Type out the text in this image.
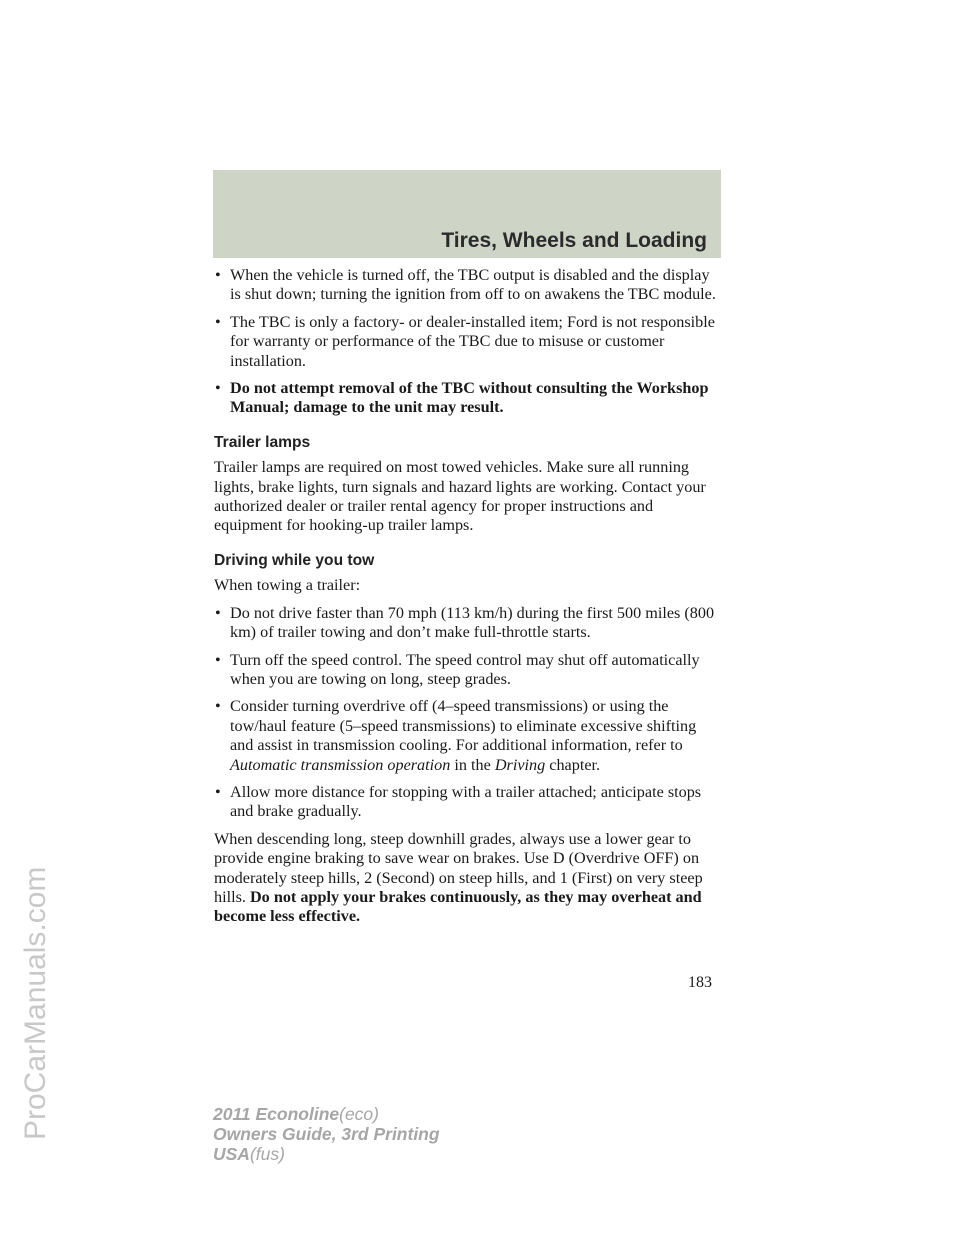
Tires, Wheels and Loading
• When the vehicle is turned off, the TBC output is disabled and the display is shut down; turning the ignition from off to on awakens the TBC module.

• The TBC is only a factory- or dealer-installed item; Ford is not responsible for warranty or performance of the TBC due to misuse or customer installation.

• Do not attempt removal of the TBC without consulting the Workshop Manual; damage to the unit may result.

Trailer lamps

Trailer lamps are required on most towed vehicles. Make sure all running lights, brake lights, turn signals and hazard lights are working. Contact your authorized dealer or trailer rental agency for proper instructions and equipment for hooking-up trailer lamps.

Driving while you tow

When towing a trailer:

• Do not drive faster than 70 mph (113 km/h) during the first 500 miles (800 km) of trailer towing and don’t make full-throttle starts.

• Turn off the speed control. The speed control may shut off automatically when you are towing on long, steep grades.

• Consider turning overdrive off (4–speed transmissions) or using the tow/haul feature (5–speed transmissions) to eliminate excessive shifting and assist in transmission cooling. For additional information, refer to Automatic transmission operation in the Driving chapter.

• Allow more distance for stopping with a trailer attached; anticipate stops and brake gradually.

When descending long, steep downhill grades, always use a lower gear to provide engine braking to save wear on brakes. Use D (Overdrive OFF) on moderately steep hills, 2 (Second) on steep hills, and 1 (First) on very steep hills. Do not apply your brakes continuously, as they may overheat and become less effective.

183

2011 Econoline(eco)
Owners Guide, 3rd Printing
USA(fus)

ProCarManuals.com
